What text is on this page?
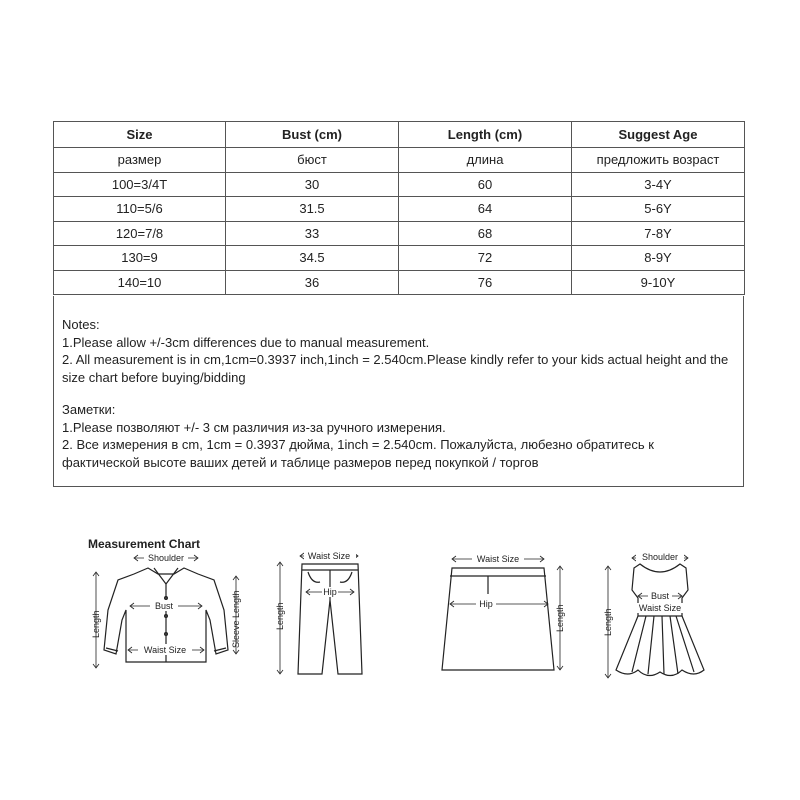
Size	Bust (cm)	Length (cm)	Suggest Age
размер	бюст	длина	предложить возраст
100=3/4T	30	60	3-4Y
110=5/6	31.5	64	5-6Y
120=7/8	33	68	7-8Y
130=9	34.5	72	8-9Y
140=10	36	76	9-10Y

Notes:

1.Please allow +/-3cm differences due to manual measurement.

2. All measurement is in cm,1cm=0.3937 inch,1inch = 2.540cm.Please kindly refer to your kids actual height and the size chart before buying/bidding

Заметки:

1.Please позволяют +/- 3 см различия из-за ручного измерения.

2. Все измерения в cm, 1cm = 0.3937 дюйма, 1inch = 2.540cm. Пожалуйста, любезно обратитесь к фактической высоте ваших детей и таблице размеров перед покупкой / торгов

Measurement Chart
Shoulder
Length
Bust
Waist Size
Sleeve Length
Waist Size
Length
Hip
Waist Size
Hip
Length
Shoulder
Length
Bust
Waist Size
